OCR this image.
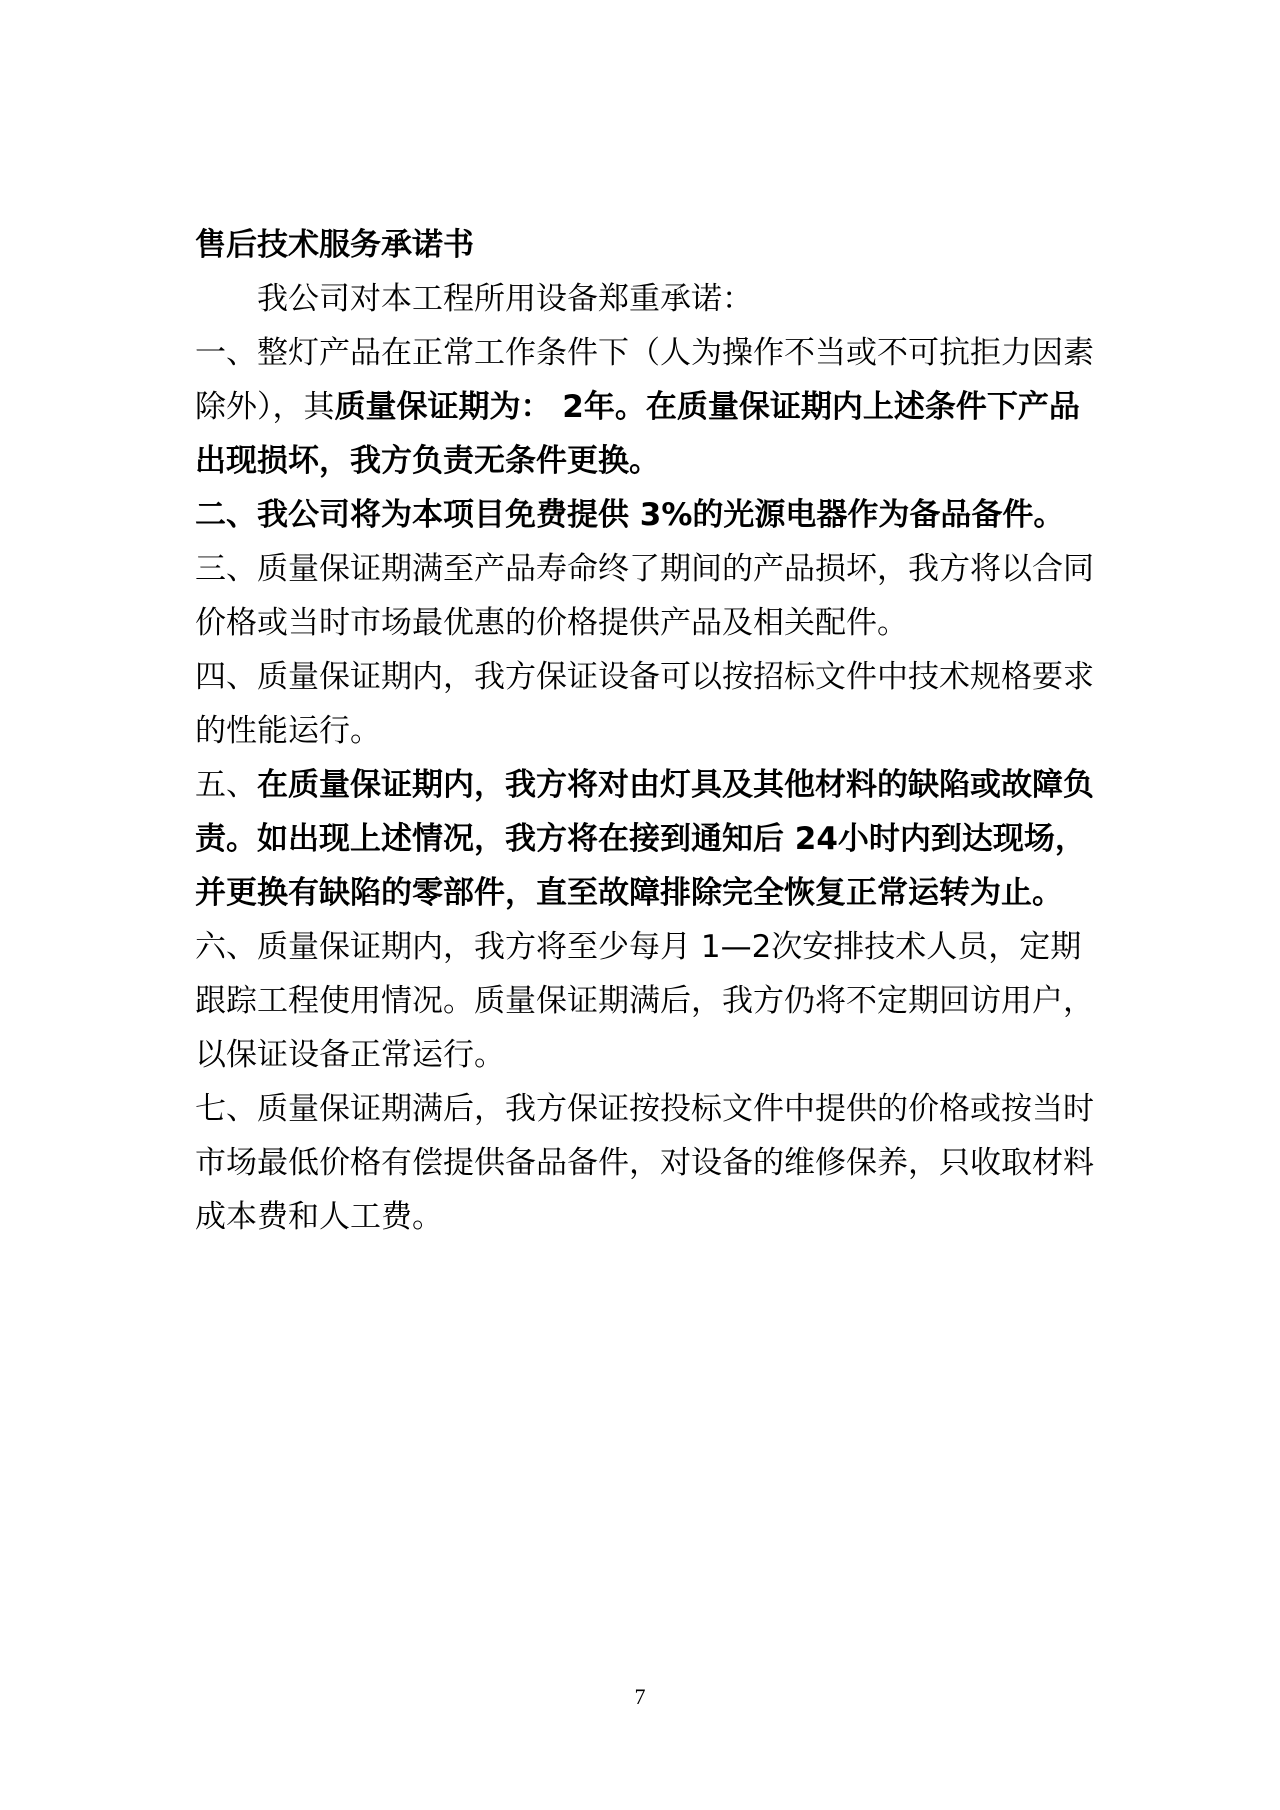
售后技术服务承诺书

我公司对本工程所用设备郑重承诺：

一、整灯产品在正常工作条件下（人为操作不当或不可抗拒力因素除外），其质量保证期为： 2年。在质量保证期内上述条件下产品出现损坏，我方负责无条件更换。

二、我公司将为本项目免费提供 3%的光源电器作为备品备件。

三、质量保证期满至产品寿命终了期间的产品损坏，我方将以合同价格或当时市场最优惠的价格提供产品及相关配件。

四、质量保证期内，我方保证设备可以按招标文件中技术规格要求的性能运行。

五、在质量保证期内，我方将对由灯具及其他材料的缺陷或故障负责。如出现上述情况，我方将在接到通知后 24小时内到达现场，并更换有缺陷的零部件，直至故障排除完全恢复正常运转为止。

六、质量保证期内，我方将至少每月 1—2次安排技术人员，定期跟踪工程使用情况。质量保证期满后，我方仍将不定期回访用户，以保证设备正常运行。

七、质量保证期满后，我方保证按投标文件中提供的价格或按当时市场最低价格有偿提供备品备件，对设备的维修保养，只收取材料成本费和人工费。

7
